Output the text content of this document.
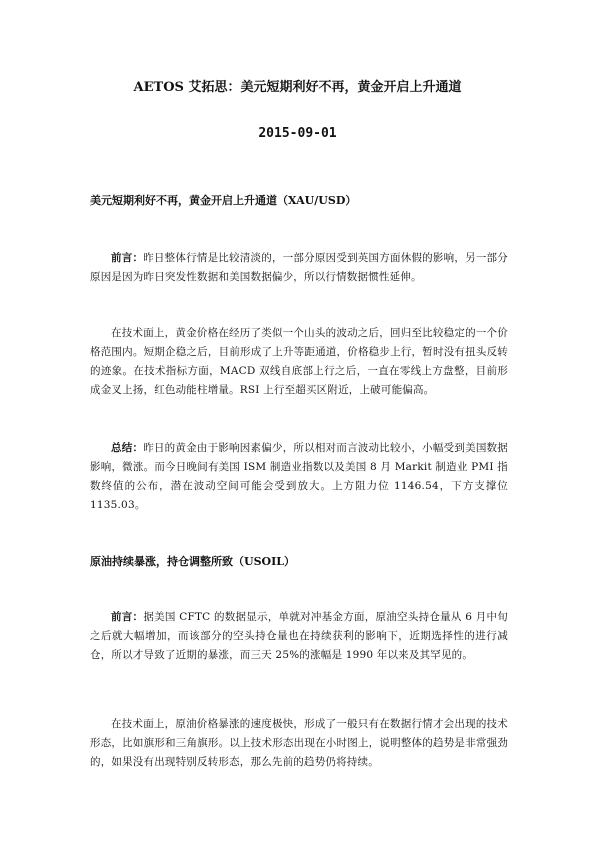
AETOS 艾拓思：美元短期利好不再，黄金开启上升通道
2015-09-01
美元短期利好不再，黄金开启上升通道（XAU/USD）

前言：昨日整体行情是比较清淡的，一部分原因受到英国方面休假的影响，另一部分原因是因为昨日突发性数据和美国数据偏少，所以行情数据惯性延伸。

在技术面上，黄金价格在经历了类似一个山头的波动之后，回归至比较稳定的一个价格范围内。短期企稳之后，目前形成了上升等距通道，价格稳步上行，暂时没有扭头反转的迹象。在技术指标方面，MACD 双线自底部上行之后，一直在零线上方盘整，目前形成金叉上扬，红色动能柱增量。RSI 上行至超买区附近，上破可能偏高。

总结：昨日的黄金由于影响因素偏少，所以相对而言波动比较小，小幅受到美国数据影响，微涨。而今日晚间有美国 ISM 制造业指数以及美国 8 月 Markit 制造业 PMI 指数终值的公布，潜在波动空间可能会受到放大。上方阻力位 1146.54，下方支撑位 1135.03。

原油持续暴涨，持仓调整所致（USOIL）

前言：据美国 CFTC 的数据显示，单就对冲基金方面，原油空头持仓量从 6 月中旬之后就大幅增加，而该部分的空头持仓量也在持续获利的影响下，近期选择性的进行减仓，所以才导致了近期的暴涨，而三天 25%的涨幅是 1990 年以来及其罕见的。

在技术面上，原油价格暴涨的速度极快，形成了一般只有在数据行情才会出现的技术形态，比如旗形和三角旗形。以上技术形态出现在小时图上，说明整体的趋势是非常强劲的，如果没有出现特别反转形态，那么先前的趋势仍将持续。
